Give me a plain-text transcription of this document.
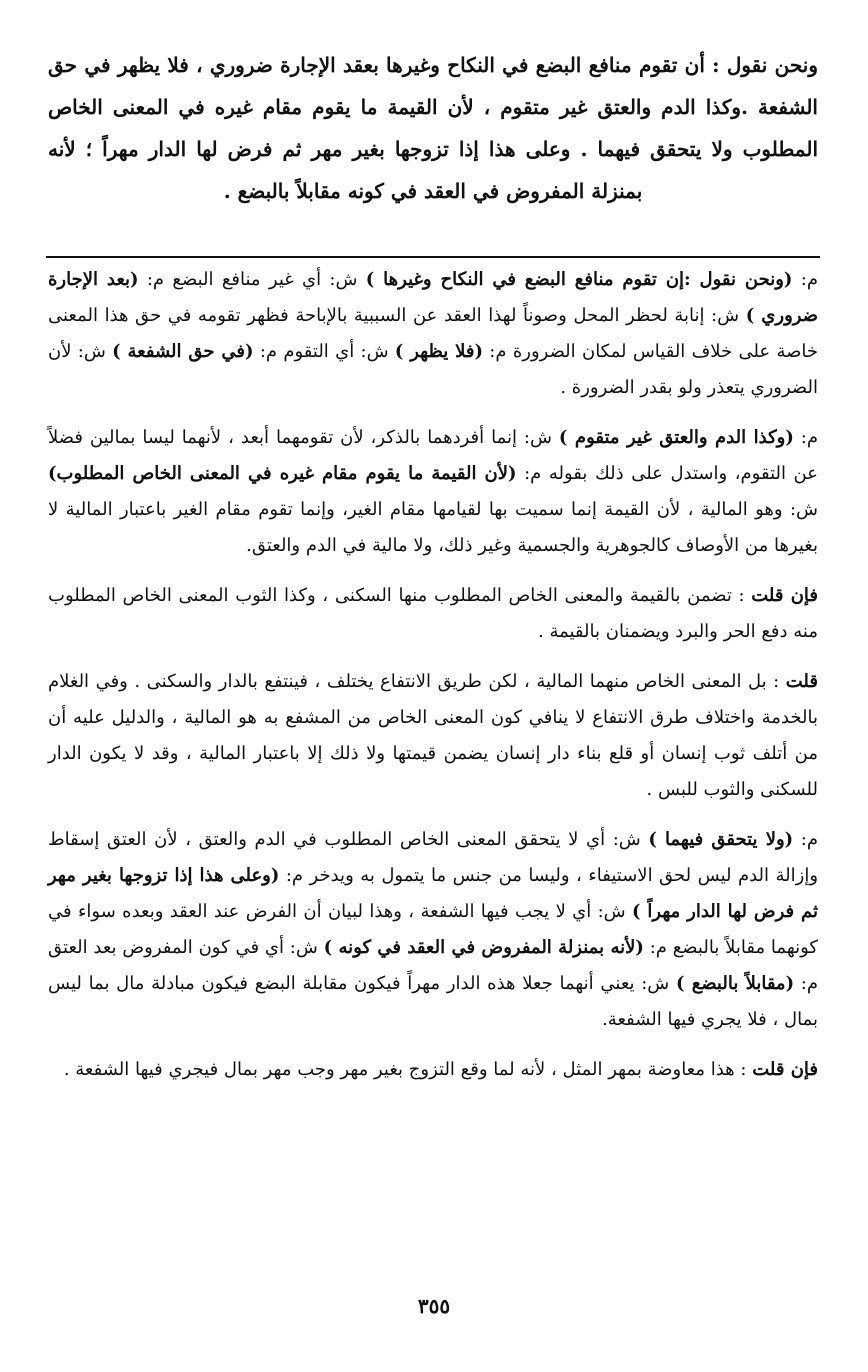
ونحن نقول : أن تقوم منافع البضع في النكاح وغيرها بعقد الإجارة ضروري ، فلا يظهر في حق الشفعة .وكذا الدم والعتق غير متقوم ، لأن القيمة ما يقوم مقام غيره في المعنى الخاص المطلوب ولا يتحقق فيهما . وعلى هذا إذا تزوجها بغير مهر ثم فرض لها الدار مهراً ؛ لأنه بمنزلة المفروض في العقد في كونه مقابلاً بالبضع .

م: (ونحن نقول :إن تقوم منافع البضع في النكاح وغيرها ) ش: أي غير منافع البضع م: (بعد الإجارة ضروري ) ش: إنابة لحظر المحل وصوناً لهذا العقد عن السببية بالإباحة فظهر تقومه في حق هذا المعنى خاصة على خلاف القياس لمكان الضرورة م: (فلا يظهر ) ش: أي التقوم م: (في حق الشفعة ) ش: لأن الضروري يتعذر ولو بقدر الضرورة .

م: (وكذا الدم والعتق غير متقوم ) ش: إنما أفردهما بالذكر، لأن تقومهما أبعد ، لأنهما ليسا بمالين فضلاً عن التقوم، واستدل على ذلك بقوله م: (لأن القيمة ما يقوم مقام غيره في المعنى الخاص المطلوب) ش: وهو المالية ، لأن القيمة إنما سميت بها لقيامها مقام الغير، وإنما تقوم مقام الغير باعتبار المالية لا بغيرها من الأوصاف كالجوهرية والجسمية وغير ذلك، ولا مالية في الدم والعتق.

فإن قلت : تضمن بالقيمة والمعنى الخاص المطلوب منها السكنى ، وكذا الثوب المعنى الخاص المطلوب منه دفع الحر والبرد ويضمنان بالقيمة .

قلت : بل المعنى الخاص منهما المالية ، لكن طريق الانتفاع يختلف ، فينتفع بالدار والسكنى . وفي الغلام بالخدمة واختلاف طرق الانتفاع لا ينافي كون المعنى الخاص من المشفع به هو المالية ، والدليل عليه أن من أتلف ثوب إنسان أو قلع بناء دار إنسان يضمن قيمتها ولا ذلك إلا باعتبار المالية ، وقد لا يكون الدار للسكنى والثوب للبس .

م: (ولا يتحقق فيهما ) ش: أي لا يتحقق المعنى الخاص المطلوب في الدم والعتق ، لأن العتق إسقاط وإزالة الدم ليس لحق الاستيفاء ، وليسا من جنس ما يتمول به ويدخر م: (وعلى هذا إذا تزوجها بغير مهر ثم فرض لها الدار مهراً ) ش: أي لا يجب فيها الشفعة ، وهذا لبيان أن الفرض عند العقد وبعده سواء في كونهما مقابلاً بالبضع م: (لأنه بمنزلة المفروض في العقد في كونه ) ش: أي في كون المفروض بعد العتق م: (مقابلاً بالبضع ) ش: يعني أنهما جعلا هذه الدار مهراً فيكون مقابلة البضع فيكون مبادلة مال بما ليس بمال ، فلا يجري فيها الشفعة.

فإن قلت : هذا معاوضة بمهر المثل ، لأنه لما وقع التزوج بغير مهر وجب مهر بمال فيجري فيها الشفعة .

٣٥٥
